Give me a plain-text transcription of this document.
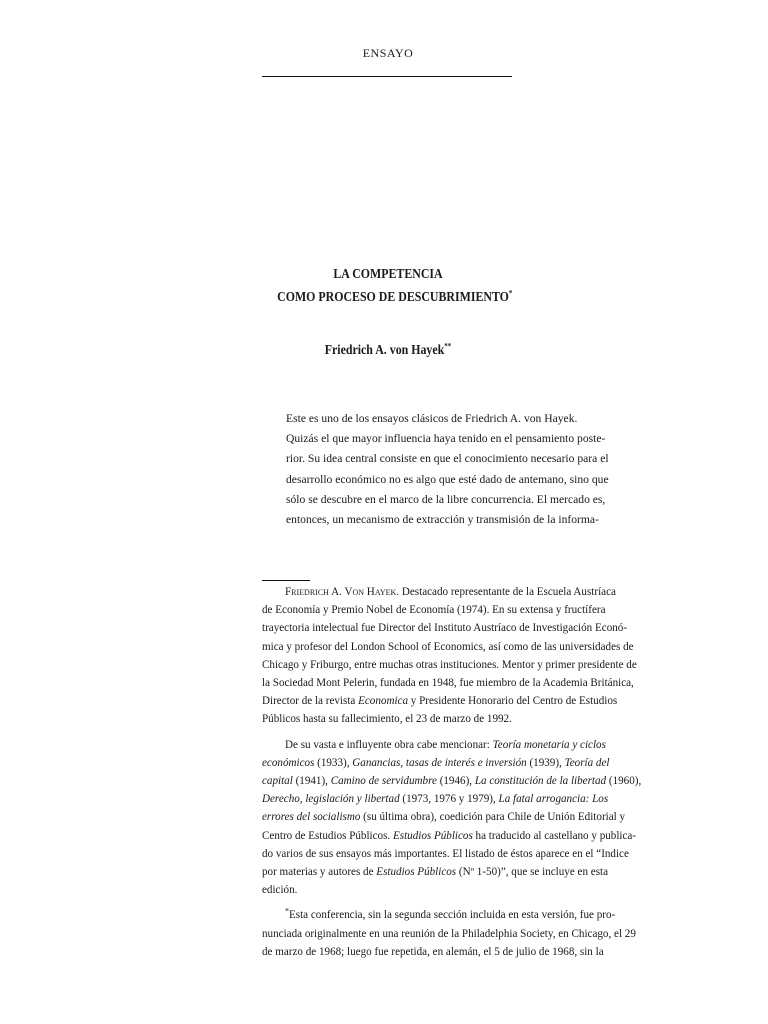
ENSAYO
LA COMPETENCIA
COMO PROCESO DE DESCUBRIMIENTO*
Friedrich A. von Hayek**
Este es uno de los ensayos clásicos de Friedrich A. von Hayek.
Quizás el que mayor influencia haya tenido en el pensamiento poste-
rior. Su idea central consiste en que el conocimiento necesario para el
desarrollo económico no es algo que esté dado de antemano, sino que
sólo se descubre en el marco de la libre concurrencia. El mercado es,
entonces, un mecanismo de extracción y transmisión de la informa-
Friedrich A. Von Hayek. Destacado representante de la Escuela Austríaca
de Economía y Premio Nobel de Economía (1974). En su extensa y fructífera
trayectoria intelectual fue Director del Instituto Austríaco de Investigación Econó-
mica y profesor del London School of Economics, así como de las universidades de
Chicago y Friburgo, entre muchas otras instituciones. Mentor y primer presidente de
la Sociedad Mont Pelerin, fundada en 1948, fue miembro de la Academia Británica,
Director de la revista Economica y Presidente Honorario del Centro de Estudios
Públicos hasta su fallecimiento, el 23 de marzo de 1992.
De su vasta e influyente obra cabe mencionar: Teoría monetaria y ciclos
económicos (1933), Ganancias, tasas de interés e inversión (1939), Teoría del
capital (1941), Camino de servidumbre (1946), La constitución de la libertad (1960),
Derecho, legislación y libertad (1973, 1976 y 1979), La fatal arrogancia: Los
errores del socialismo (su última obra), coedición para Chile de Unión Editorial y
Centro de Estudios Públicos. Estudios Públicos ha traducido al castellano y publica-
do varios de sus ensayos más importantes. El listado de éstos aparece en el “Indice
por materias y autores de Estudios Públicos (Nº 1-50)”, que se incluye en esta
edición.
*Esta conferencia, sin la segunda sección incluida en esta versión, fue pro-
nunciada originalmente en una reunión de la Philadelphia Society, en Chicago, el 29
de marzo de 1968; luego fue repetida, en alemán, el 5 de julio de 1968, sin la
